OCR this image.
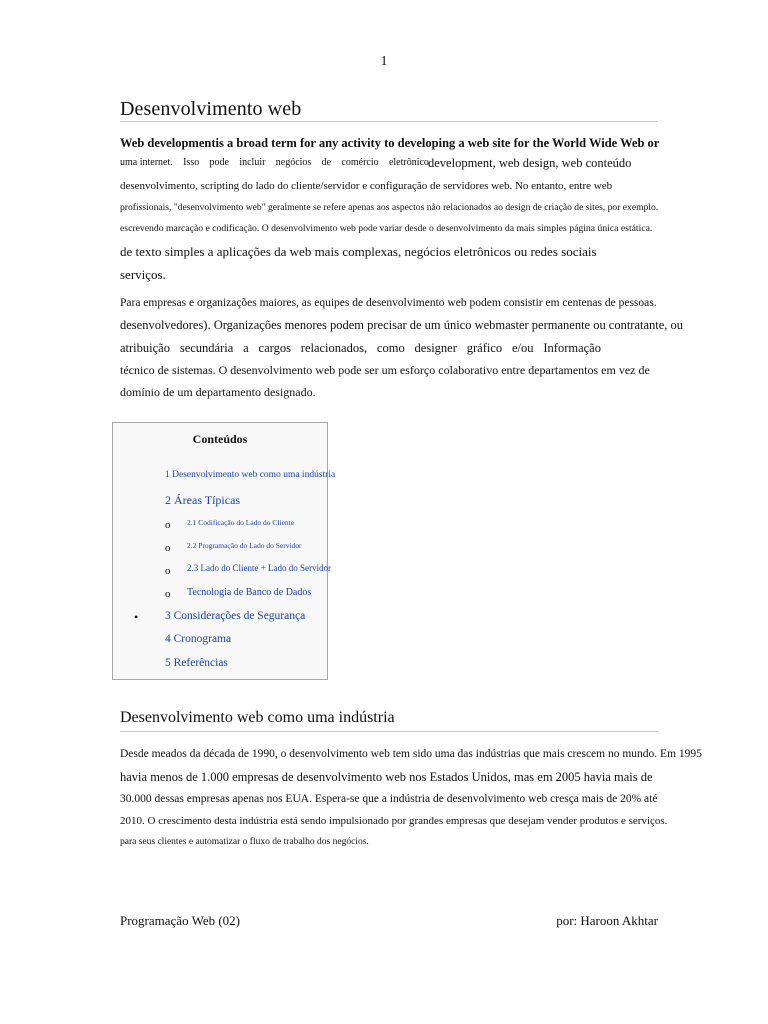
1
Desenvolvimento web
Web developmentis a broad term for any activity to developing a web site for the World Wide Web or
uma internet. Isso pode incluir negócios de comércio eletrônico development, web design, web conteúdo
desenvolvimento, scripting do lado do cliente/servidor e configuração de servidores web. No entanto, entre web
profissionais, "desenvolvimento web" geralmente se refere apenas aos aspectos não relacionados ao design de criação de sites, por exemplo.
escrevendo marcação e codificação. O desenvolvimento web pode variar desde o desenvolvimento da mais simples página única estática.
de texto simples a aplicações da web mais complexas, negócios eletrônicos ou redes sociais
serviços.
Para empresas e organizações maiores, as equipes de desenvolvimento web podem consistir em centenas de pessoas.
desenvolvedores). Organizações menores podem precisar de um único webmaster permanente ou contratante, ou
atribuição secundária a cargos relacionados, como designer gráfico e/ou Informação
técnico de sistemas. O desenvolvimento web pode ser um esforço colaborativo entre departamentos em vez de
domínio de um departamento designado.
Conteúdos
1 Desenvolvimento web como uma indústria
2 Áreas Típicas
o 2.1 Codificação do Lado do Cliente
o 2.2 Programação do Lado do Servidor
o 2.3 Lado do Cliente + Lado do Servidor
o Tecnologia de Banco de Dados
• 3 Considerações de Segurança
4 Cronograma
5 Referências
Desenvolvimento web como uma indústria
Desde meados da década de 1990, o desenvolvimento web tem sido uma das indústrias que mais crescem no mundo. Em 1995
havia menos de 1.000 empresas de desenvolvimento web nos Estados Unidos, mas em 2005 havia mais de
30.000 dessas empresas apenas nos EUA. Espera-se que a indústria de desenvolvimento web cresça mais de 20% até
2010. O crescimento desta indústria está sendo impulsionado por grandes empresas que desejam vender produtos e serviços.
para seus clientes e automatizar o fluxo de trabalho dos negócios.
Programação Web (02)	por: Haroon Akhtar
